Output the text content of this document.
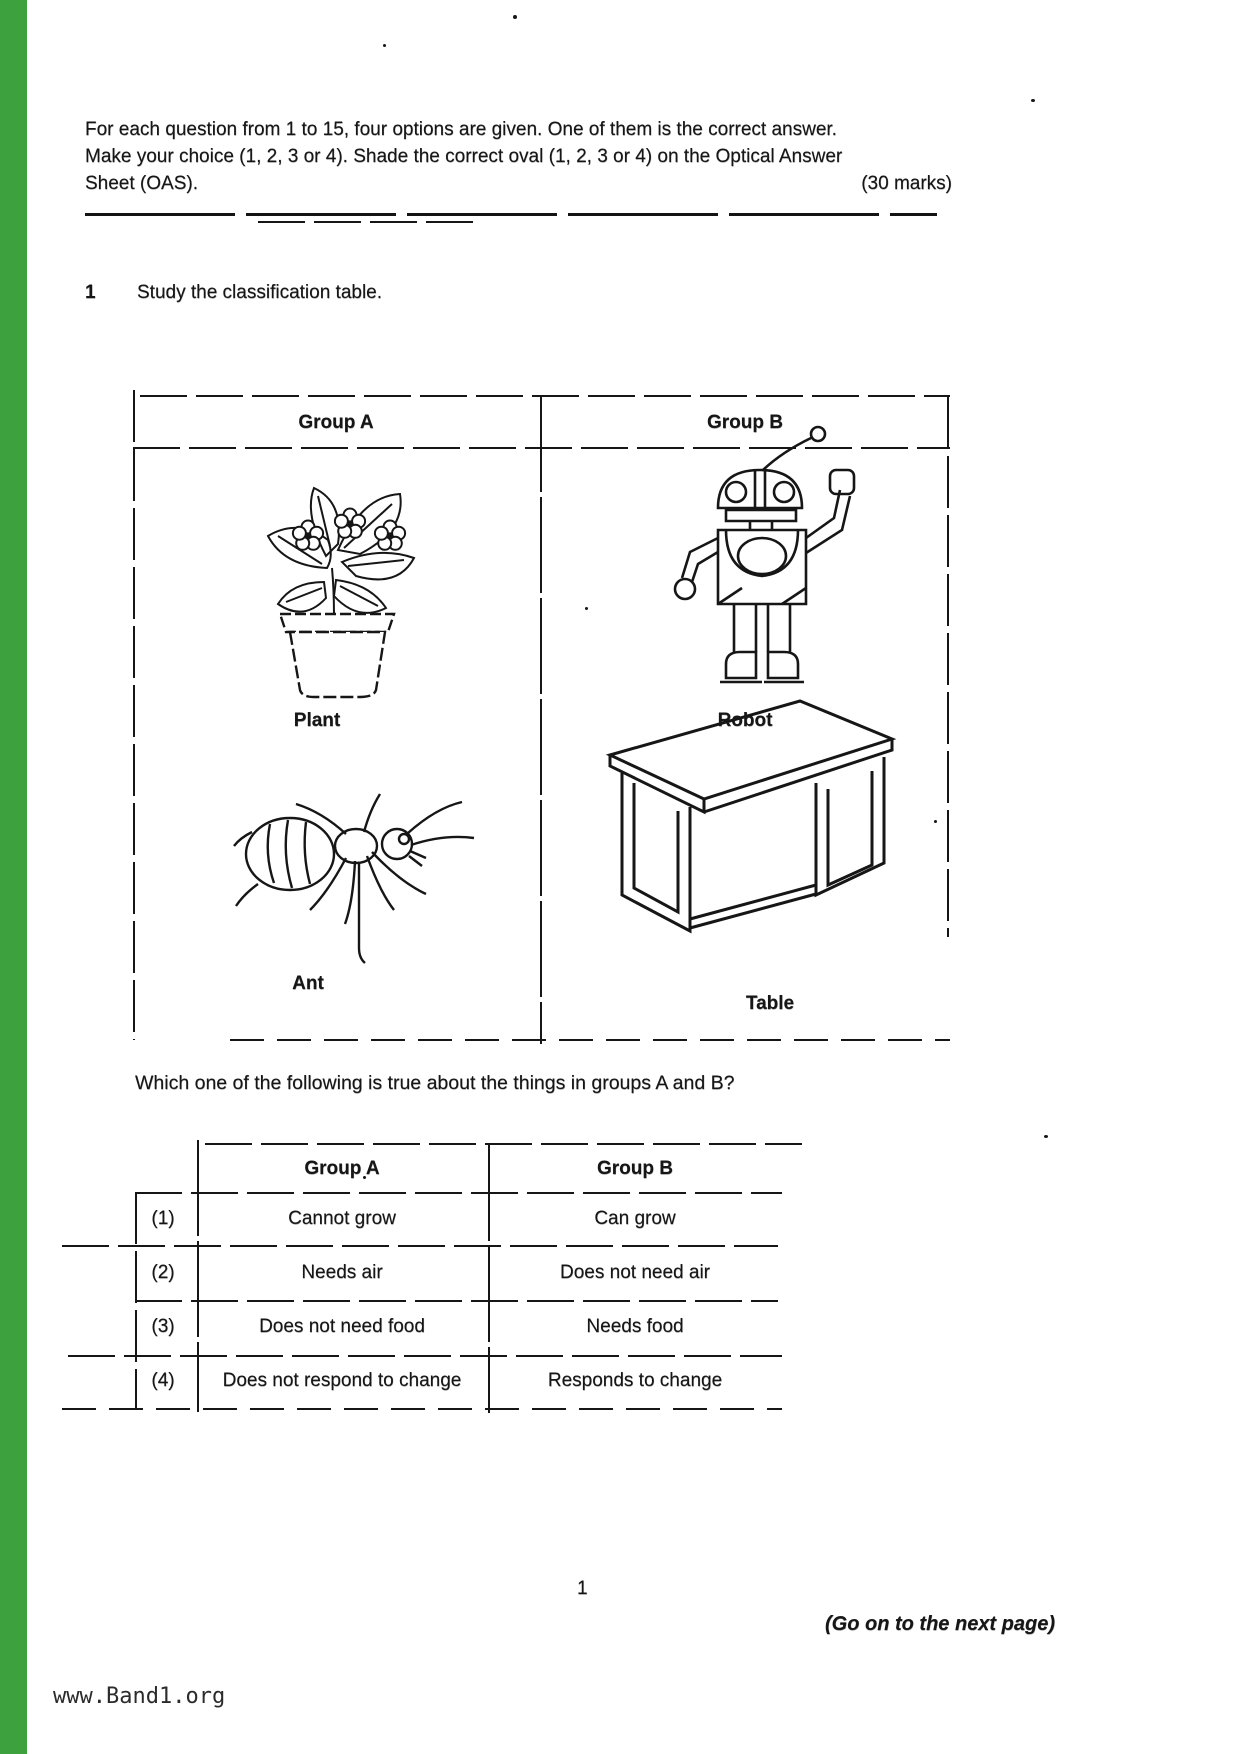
For each question from 1 to 15, four options are given. One of them is the correct answer.
Make your choice (1, 2, 3 or 4). Shade the correct oval (1, 2, 3 or 4) on the Optical Answer
Sheet (OAS).	(30 marks)
1 Study the classification table.
Group A	Group B
Plant	Robot
Ant
Table
Which one of the following is true about the things in groups A and B?
Group A	Group B
(1)	Cannot grow	Can grow
(2)	Needs air	Does not need air
(3)	Does not need food	Needs food
(4)	Does not respond to change	Responds to change
1
(Go on to the next page)
www.Band1.org
